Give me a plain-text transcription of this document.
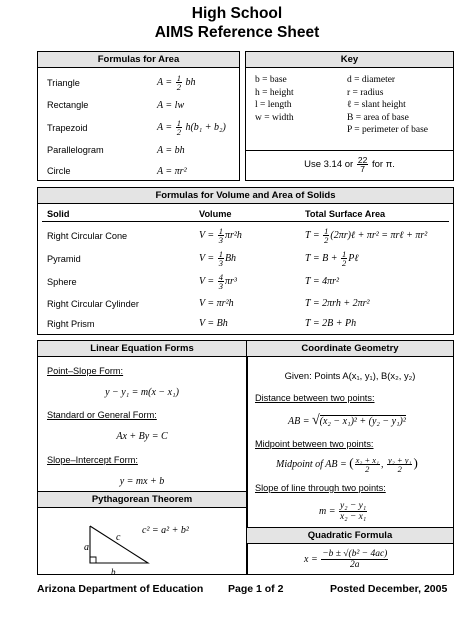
High School
AIMS Reference Sheet
Formulas for Area
Triangle	$A = \frac{1}{2}$ bh
Rectangle	A = lw
Trapezoid	$A = \frac{1}{2} h(b_1 + b_2)$
Parallelogram	A = bh
Circle	A = πr²
Key
b = base
h = height
l = length
w = width
d = diameter
r = radius
ℓ = slant height
B = area of base
P = perimeter of base
Use 3.14 or $\frac{22}{7}$ for π.
Formulas for Volume and Area of Solids
Solid	Volume	Total Surface Area
Right Circular Cone	$V = \frac{1}{3} \pi r^2h$	$T = \frac{1}{2}$ (2πr)ℓ + πr² = πrℓ + πr²
Pyramid	$V = \frac{1}{3}$ Bh	$T = B + \frac{1}{2}$ Pℓ
Sphere	$V = \frac{4}{3} \pi r^3$	T = 4πr²
Right Circular Cylinder	V = πr²h	T = 2πrh + 2πr²
Right Prism	V = Bh	T = 2B + Ph
Linear Equation Forms
Point–Slope Form:
y − y₁ = m(x − x₁)
Standard or General Form:
Ax + By = C
Slope–Intercept Form:
y = mx + b
Pythagorean Theorem
a
b
c
c² = a² + b²
Coordinate Geometry
Given: Points A(x₁, y₁), B(x₂, y₂)
Distance between two points:
AB = √(x₂ − x₁)² + (y₂ − y₁)²
Midpoint between two points:
Midpoint of AB = ( $\frac{\text{x₂ + x₁}}{2}$ , $\frac{\text{y₂ + y₁}}{2}$ )
Slope of line through two points:
$m = \frac{\text{y₂ − y₁}}{\text{x₂ − x₁}}$
Quadratic Formula
$x = \frac{\text{−b ± √(b² − 4ac)}}{2a}$
Arizona Department of Education Page 1 of 2	Posted December, 2005
